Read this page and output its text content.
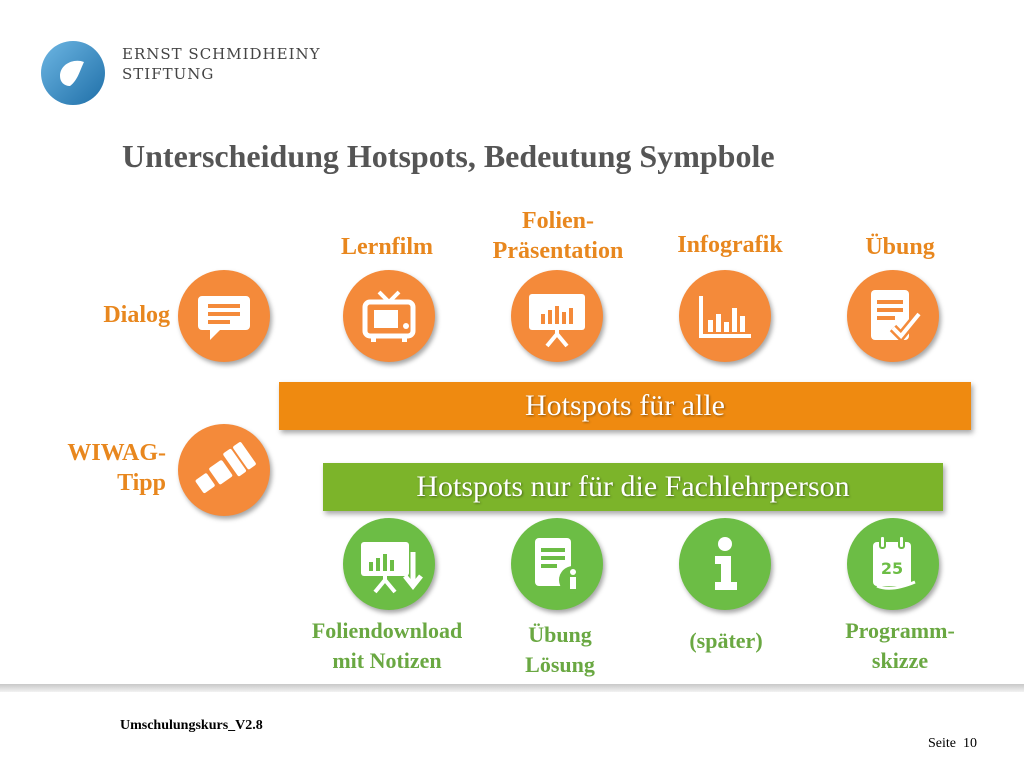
ERNST SCHMIDHEINY
STIFTUNG
Unterscheidung Hotspots, Bedeutung Sympbole
Dialog
Lernfilm
Folien-
Präsentation	Infografik	Übung
Hotspots für alle
WIWAG-
Tipp	Hotspots nur für die Fachlehrperson
25
Foliendownload
mit Notizen
Übung
Lösung
(später)	Programm-
skizze
Umschulungskurs_V2.8
Seite 10
